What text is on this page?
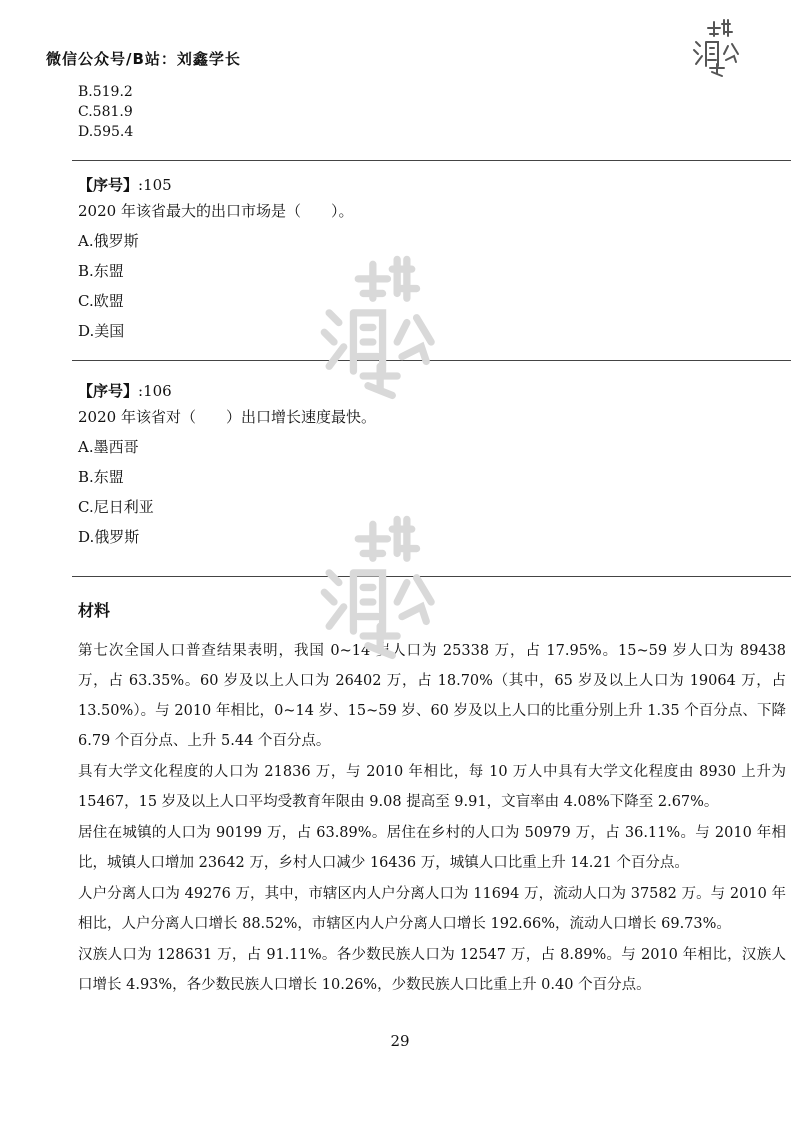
微信公众号/B站：刘鑫学长
B.519.2
C.581.9
D.595.4
【序号】:105
2020 年该省最大的出口市场是（　　）。
A.俄罗斯
B.东盟
C.欧盟
D.美国
【序号】:106
2020 年该省对（　　）出口增长速度最快。
A.墨西哥
B.东盟
C.尼日利亚
D.俄罗斯
材料
第七次全国人口普查结果表明，我国 0~14 岁人口为 25338 万，占 17.95%。15~59 岁人口为 89438 万，占 63.35%。60 岁及以上人口为 26402 万，占 18.70%（其中，65 岁及以上人口为 19064 万，占 13.50%）。与 2010 年相比，0~14 岁、15~59 岁、60 岁及以上人口的比重分别上升 1.35 个百分点、下降 6.79 个百分点、上升 5.44 个百分点。
具有大学文化程度的人口为 21836 万，与 2010 年相比，每 10 万人中具有大学文化程度由 8930 上升为 15467，15 岁及以上人口平均受教育年限由 9.08 提高至 9.91，文盲率由 4.08%下降至 2.67%。
居住在城镇的人口为 90199 万，占 63.89%。居住在乡村的人口为 50979 万，占 36.11%。与 2010 年相比，城镇人口增加 23642 万，乡村人口减少 16436 万，城镇人口比重上升 14.21 个百分点。
人户分离人口为 49276 万，其中，市辖区内人户分离人口为 11694 万，流动人口为 37582 万。与 2010 年相比，人户分离人口增长 88.52%，市辖区内人户分离人口增长 192.66%，流动人口增长 69.73%。
汉族人口为 128631 万，占 91.11%。各少数民族人口为 12547 万，占 8.89%。与 2010 年相比，汉族人口增长 4.93%，各少数民族人口增长 10.26%，少数民族人口比重上升 0.40 个百分点。
29
